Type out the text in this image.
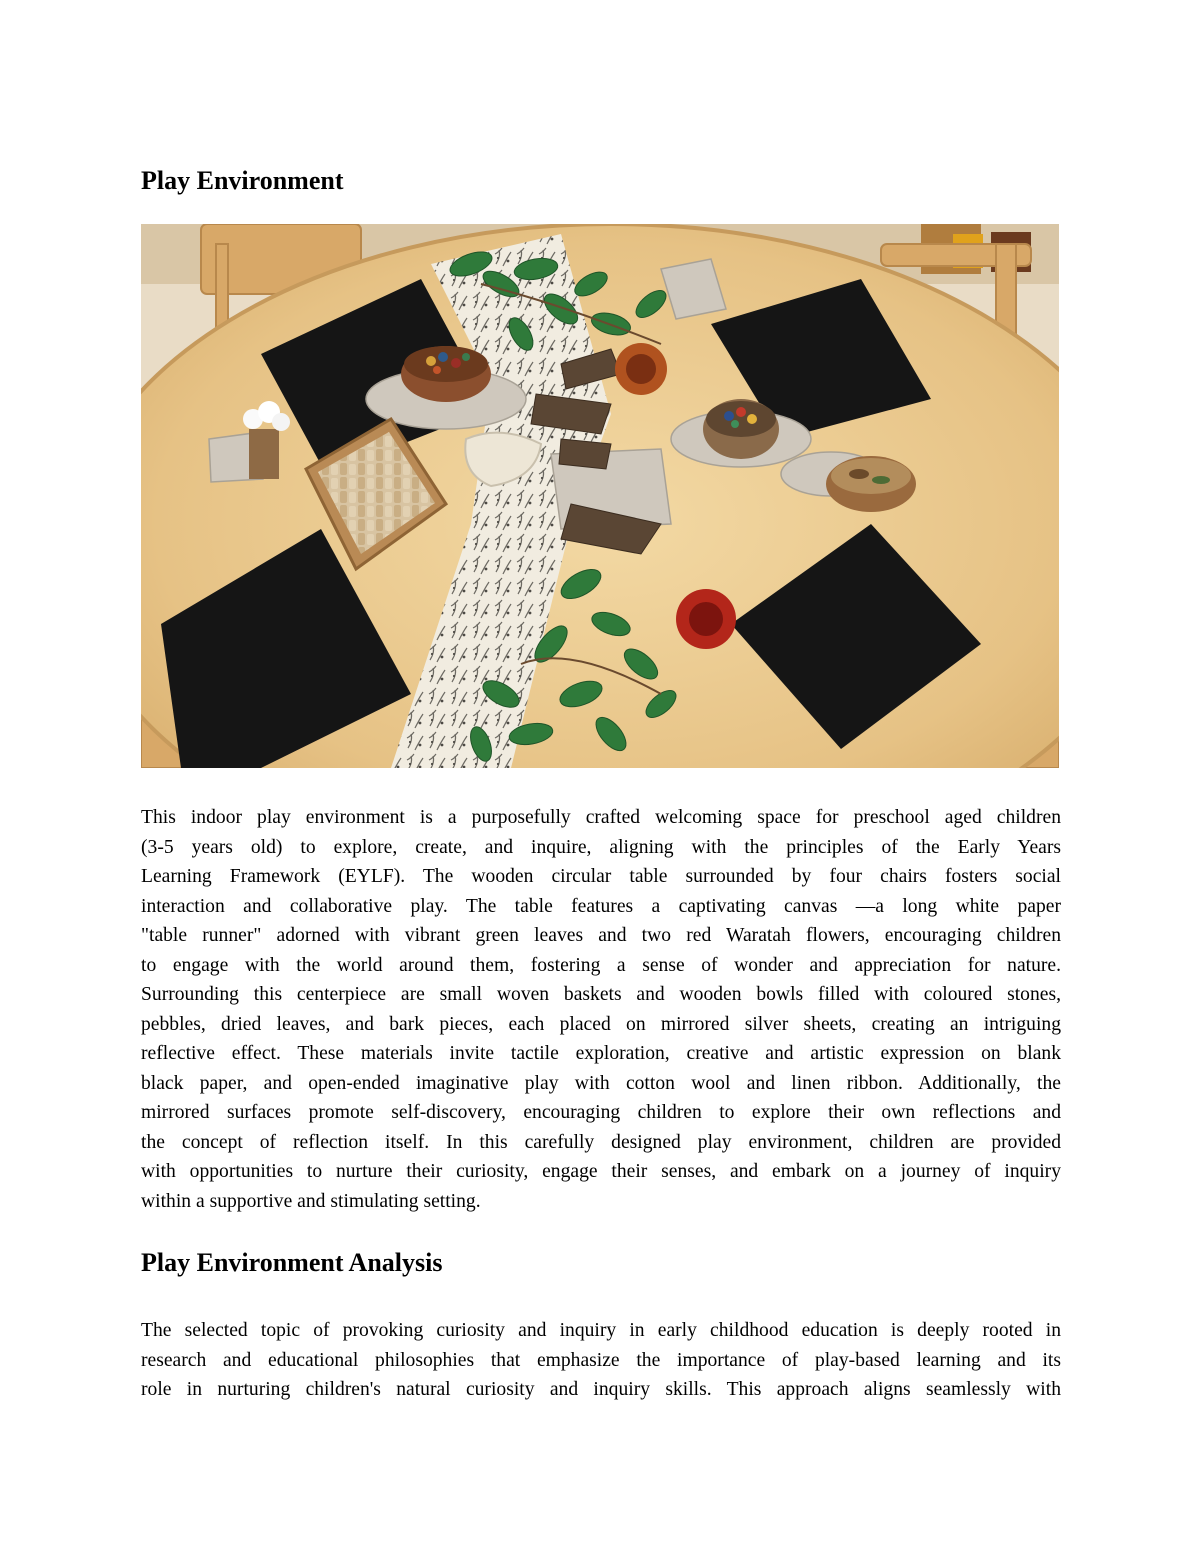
Play Environment
This indoor play environment is a purposefully crafted welcoming space for preschool aged children
(3-5 years old) to explore, create, and inquire, aligning with the principles of the Early Years
Learning Framework (EYLF). The wooden circular table surrounded by four chairs fosters social
interaction and collaborative play. The table features a captivating canvas —a long white paper
"table runner" adorned with vibrant green leaves and two red Waratah flowers, encouraging children
to engage with the world around them, fostering a sense of wonder and appreciation for nature.
Surrounding this centerpiece are small woven baskets and wooden bowls filled with coloured stones,
pebbles, dried leaves, and bark pieces, each placed on mirrored silver sheets, creating an intriguing
reflective effect. These materials invite tactile exploration, creative and artistic expression on blank
black paper, and open-ended imaginative play with cotton wool and linen ribbon. Additionally, the
mirrored surfaces promote self-discovery, encouraging children to explore their own reflections and
the concept of reflection itself. In this carefully designed play environment, children are provided
with opportunities to nurture their curiosity, engage their senses, and embark on a journey of inquiry
within a supportive and stimulating setting.
Play Environment Analysis
The selected topic of provoking curiosity and inquiry in early childhood education is deeply rooted in
research and educational philosophies that emphasize the importance of play-based learning and its
role in nurturing children's natural curiosity and inquiry skills. This approach aligns seamlessly with
